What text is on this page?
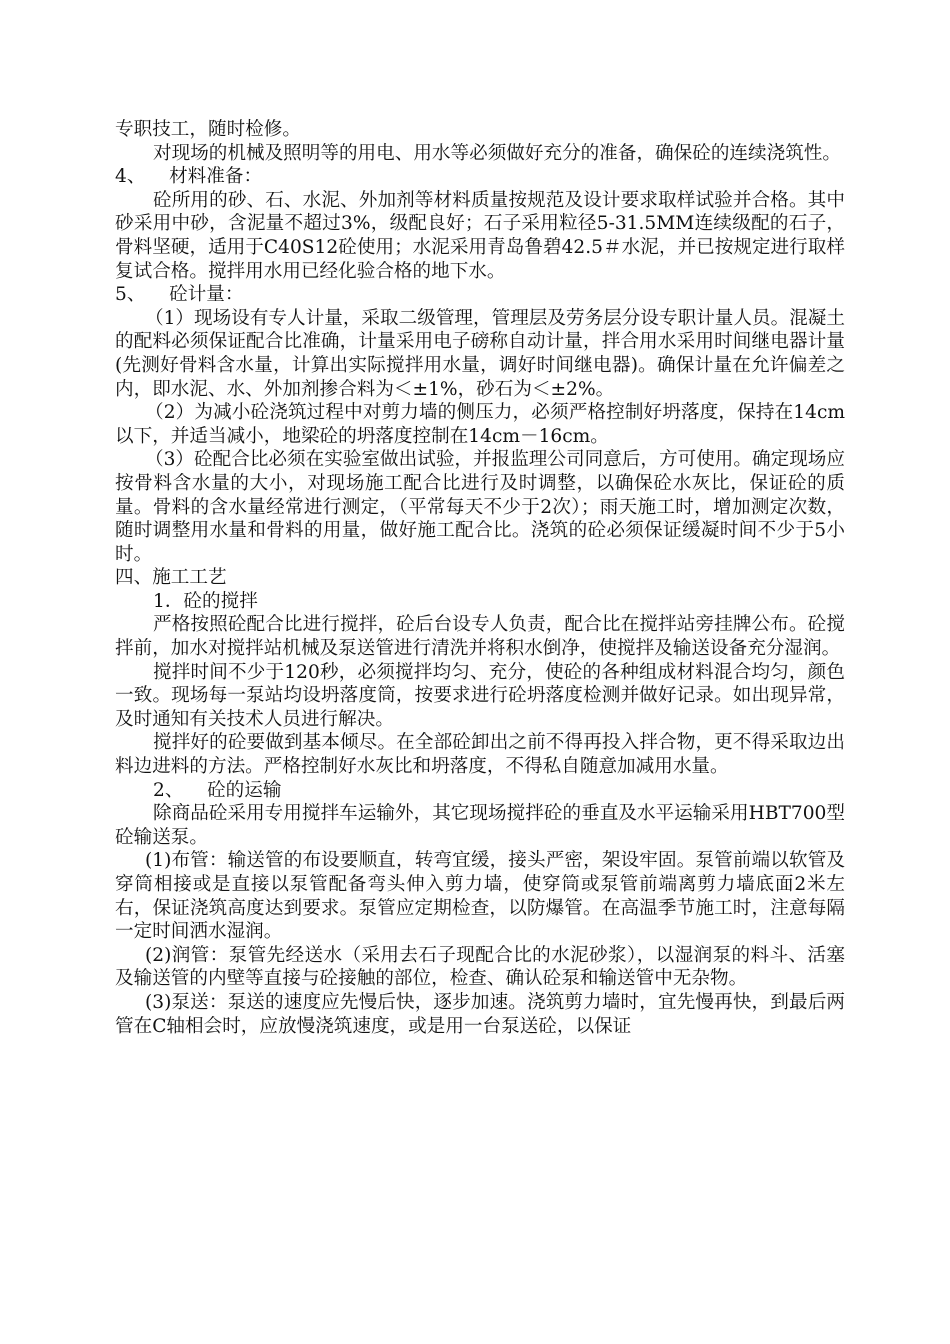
专职技工，随时检修。

对现场的机械及照明等的用电、用水等必须做好充分的准备，确保砼的连续浇筑性。

4、    材料准备：

砼所用的砂、石、水泥、外加剂等材料质量按规范及设计要求取样试验并合格。其中砂采用中砂，含泥量不超过3%，级配良好；石子采用粒径5-31.5MM连续级配的石子，骨料坚硬，适用于C40S12砼使用；水泥采用青岛鲁碧42.5＃水泥，并已按规定进行取样复试合格。搅拌用水用已经化验合格的地下水。

5、    砼计量：

（1）现场设有专人计量，采取二级管理，管理层及劳务层分设专职计量人员。混凝土的配料必须保证配合比准确，计量采用电子磅称自动计量，拌合用水采用时间继电器计量(先测好骨料含水量，计算出实际搅拌用水量，调好时间继电器)。确保计量在允许偏差之内，即水泥、水、外加剂掺合料为＜±1%，砂石为＜±2%。

（2）为减小砼浇筑过程中对剪力墙的侧压力，必须严格控制好坍落度，保持在14cm以下，并适当减小，地梁砼的坍落度控制在14cm－16cm。

（3）砼配合比必须在实验室做出试验，并报监理公司同意后，方可使用。确定现场应按骨料含水量的大小，对现场施工配合比进行及时调整，以确保砼水灰比，保证砼的质量。骨料的含水量经常进行测定，（平常每天不少于2次）；雨天施工时，增加测定次数，随时调整用水量和骨料的用量，做好施工配合比。浇筑的砼必须保证缓凝时间不少于5小时。

四、施工工艺

1．砼的搅拌

严格按照砼配合比进行搅拌，砼后台设专人负责，配合比在搅拌站旁挂牌公布。砼搅拌前，加水对搅拌站机械及泵送管进行清洗并将积水倒净，使搅拌及输送设备充分湿润。

搅拌时间不少于120秒，必须搅拌均匀、充分，使砼的各种组成材料混合均匀，颜色一致。现场每一泵站均设坍落度筒，按要求进行砼坍落度检测并做好记录。如出现异常，及时通知有关技术人员进行解决。

搅拌好的砼要做到基本倾尽。在全部砼卸出之前不得再投入拌合物，更不得采取边出料边进料的方法。严格控制好水灰比和坍落度，不得私自随意加减用水量。

2、    砼的运输

除商品砼采用专用搅拌车运输外，其它现场搅拌砼的垂直及水平运输采用HBT700型砼输送泵。

(1)布管：输送管的布设要顺直，转弯宜缓，接头严密，架设牢固。泵管前端以软管及穿筒相接或是直接以泵管配备弯头伸入剪力墙，使穿筒或泵管前端离剪力墙底面2米左右，保证浇筑高度达到要求。泵管应定期检查，以防爆管。在高温季节施工时，注意每隔一定时间洒水湿润。

(2)润管：泵管先经送水（采用去石子现配合比的水泥砂浆），以湿润泵的料斗、活塞及输送管的内壁等直接与砼接触的部位，检查、确认砼泵和输送管中无杂物。

(3)泵送：泵送的速度应先慢后快，逐步加速。浇筑剪力墙时，宜先慢再快，到最后两管在C轴相会时，应放慢浇筑速度，或是用一台泵送砼，以保证
